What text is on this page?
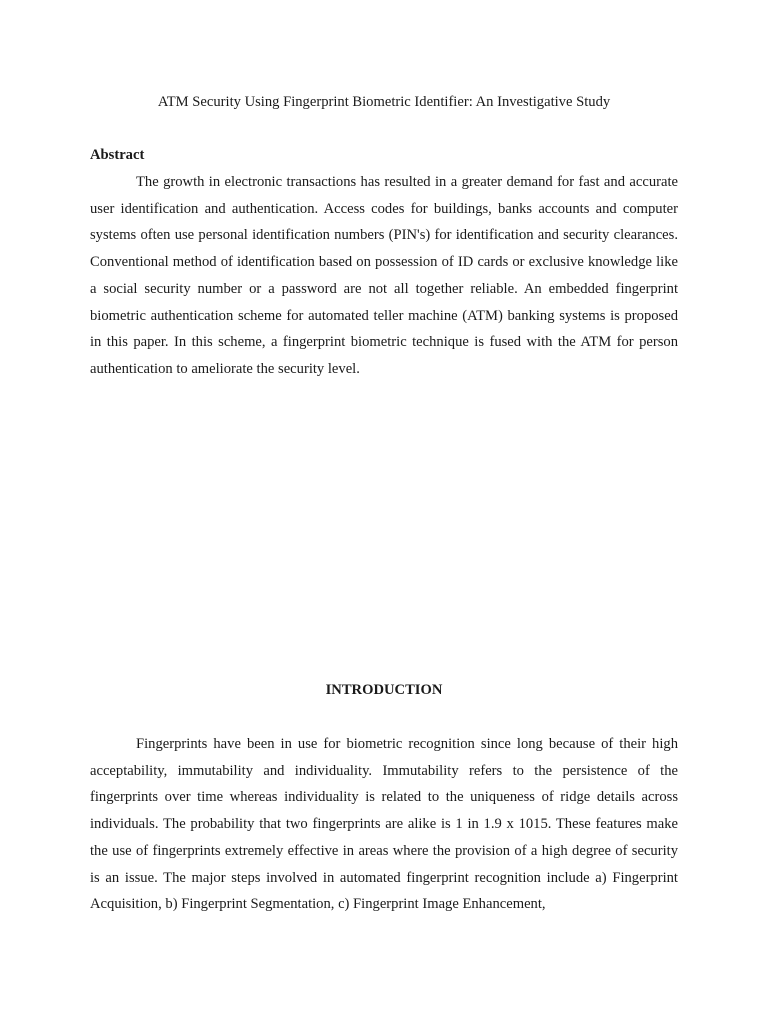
ATM Security Using Fingerprint Biometric Identifier: An Investigative Study
Abstract

The growth in electronic transactions has resulted in a greater demand for fast and accurate user identification and authentication. Access codes for buildings, banks accounts and computer systems often use personal identification numbers (PIN's) for identification and security clearances. Conventional method of identification based on possession of ID cards or exclusive knowledge like a social security number or a password are not all together reliable. An embedded fingerprint biometric authentication scheme for automated teller machine (ATM) banking systems is proposed in this paper. In this scheme, a fingerprint biometric technique is fused with the ATM for person authentication to ameliorate the security level.

INTRODUCTION

Fingerprints have been in use for biometric recognition since long because of their high acceptability, immutability and individuality. Immutability refers to the persistence of the fingerprints over time whereas individuality is related to the uniqueness of ridge details across individuals. The probability that two fingerprints are alike is 1 in 1.9 x 1015. These features make the use of fingerprints extremely effective in areas where the provision of a high degree of security is an issue. The major steps involved in automated fingerprint recognition include a) Fingerprint Acquisition, b) Fingerprint Segmentation, c) Fingerprint Image Enhancement,
